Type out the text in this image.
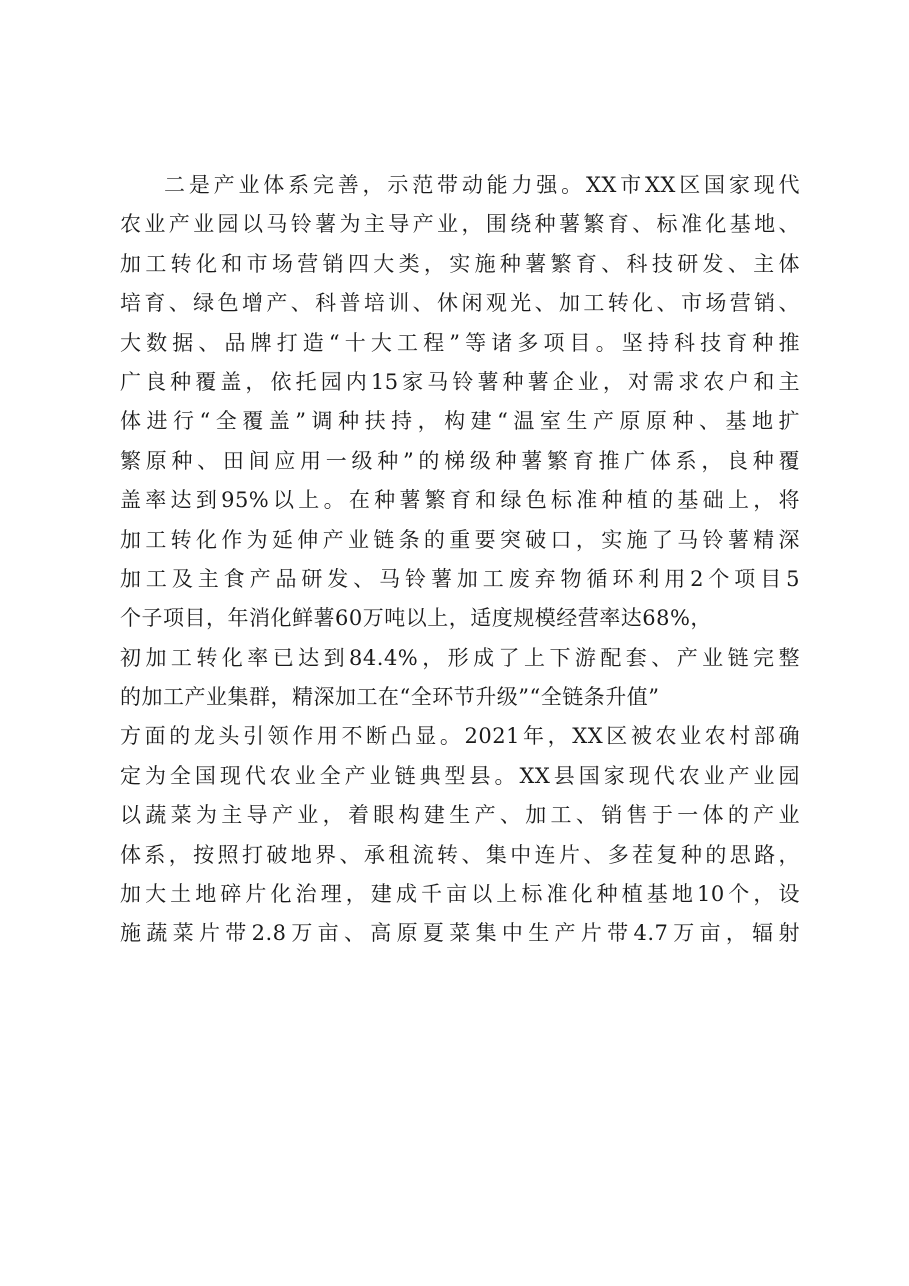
二是产业体系完善，示范带动能力强。XX市XX区国家现代
农业产业园以马铃薯为主导产业，围绕种薯繁育、标准化基地、
加工转化和市场营销四大类，实施种薯繁育、科技研发、主体
培育、绿色增产、科普培训、休闲观光、加工转化、市场营销、
大数据、品牌打造“十大工程”等诸多项目。坚持科技育种推
广良种覆盖，依托园内15家马铃薯种薯企业，对需求农户和主
体进行“全覆盖”调种扶持，构建“温室生产原原种、基地扩
繁原种、田间应用一级种”的梯级种薯繁育推广体系，良种覆
盖率达到95%以上。在种薯繁育和绿色标准种植的基础上，将
加工转化作为延伸产业链条的重要突破口，实施了马铃薯精深
加工及主食产品研发、马铃薯加工废弃物循环利用2个项目5
个子项目，年消化鲜薯60万吨以上，适度规模经营率达68%，
初加工转化率已达到84.4%，形成了上下游配套、产业链完整
的加工产业集群，精深加工在“全环节升级”“全链条升值”
方面的龙头引领作用不断凸显。2021年，XX区被农业农村部确
定为全国现代农业全产业链典型县。XX县国家现代农业产业园
以蔬菜为主导产业，着眼构建生产、加工、销售于一体的产业
体系，按照打破地界、承租流转、集中连片、多茬复种的思路，
加大土地碎片化治理，建成千亩以上标准化种植基地10个，设
施蔬菜片带2.8万亩、高原夏菜集中生产片带4.7万亩，辐射
